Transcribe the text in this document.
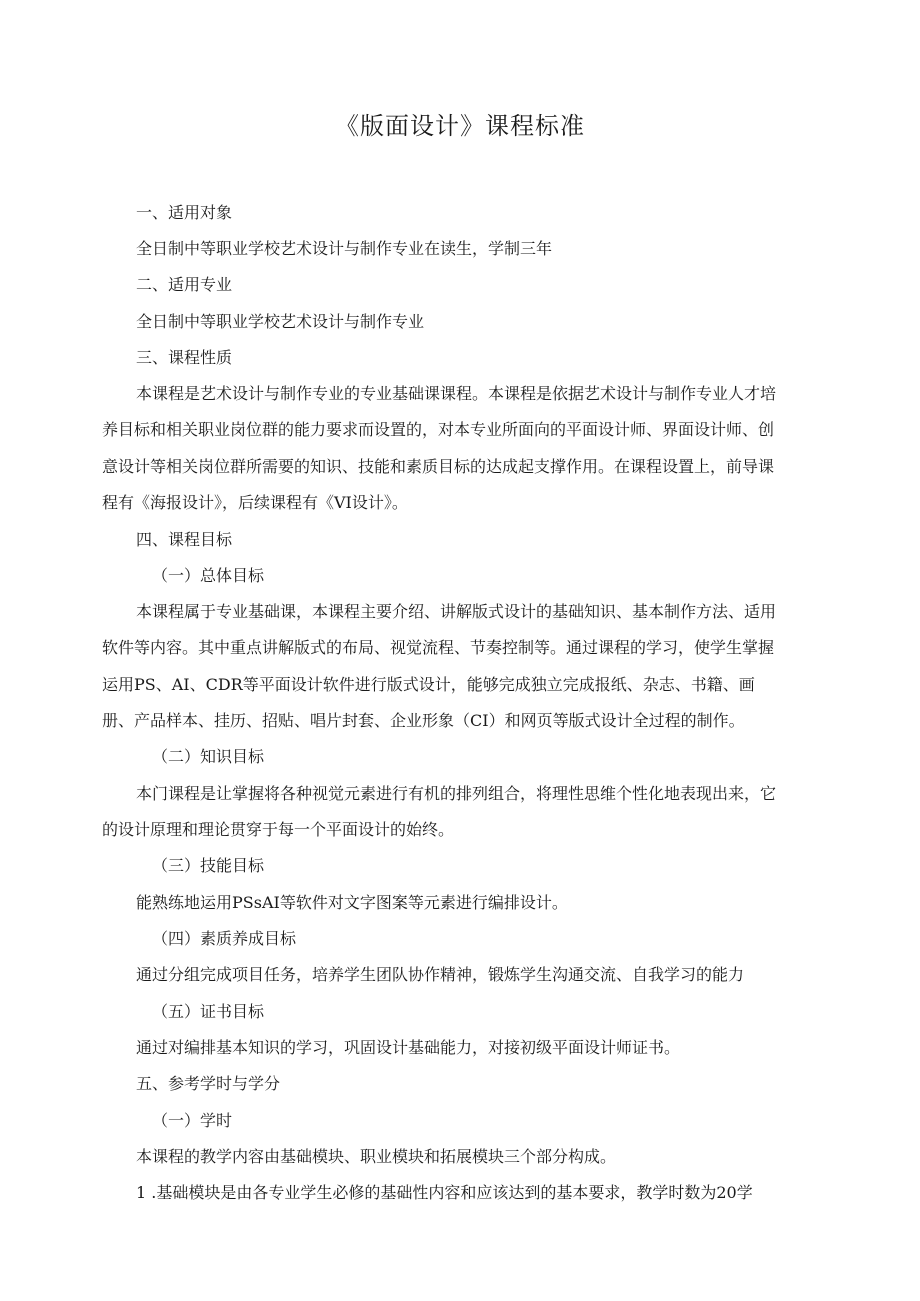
《版面设计》课程标准
一、适用对象
全日制中等职业学校艺术设计与制作专业在读生，学制三年
二、适用专业
全日制中等职业学校艺术设计与制作专业
三、课程性质
本课程是艺术设计与制作专业的专业基础课课程。本课程是依据艺术设计与制作专业人才培
养目标和相关职业岗位群的能力要求而设置的，对本专业所面向的平面设计师、界面设计师、创
意设计等相关岗位群所需要的知识、技能和素质目标的达成起支撑作用。在课程设置上，前导课
程有《海报设计》，后续课程有《VI设计》。
四、课程目标
（一）总体目标
本课程属于专业基础课，本课程主要介绍、讲解版式设计的基础知识、基本制作方法、适用
软件等内容。其中重点讲解版式的布局、视觉流程、节奏控制等。通过课程的学习，使学生掌握
运用PS、AI、CDR等平面设计软件进行版式设计，能够完成独立完成报纸、杂志、书籍、画
册、产品样本、挂历、招贴、唱片封套、企业形象（CI）和网页等版式设计全过程的制作。
（二）知识目标
本门课程是让掌握将各种视觉元素进行有机的排列组合，将理性思维个性化地表现出来，它
的设计原理和理论贯穿于每一个平面设计的始终。
（三）技能目标
能熟练地运用PSsAI等软件对文字图案等元素进行编排设计。
（四）素质养成目标
通过分组完成项目任务，培养学生团队协作精神，锻炼学生沟通交流、自我学习的能力
（五）证书目标
通过对编排基本知识的学习，巩固设计基础能力，对接初级平面设计师证书。
五、参考学时与学分
（一）学时
本课程的教学内容由基础模块、职业模块和拓展模块三个部分构成。
1 .基础模块是由各专业学生必修的基础性内容和应该达到的基本要求，教学时数为20学
